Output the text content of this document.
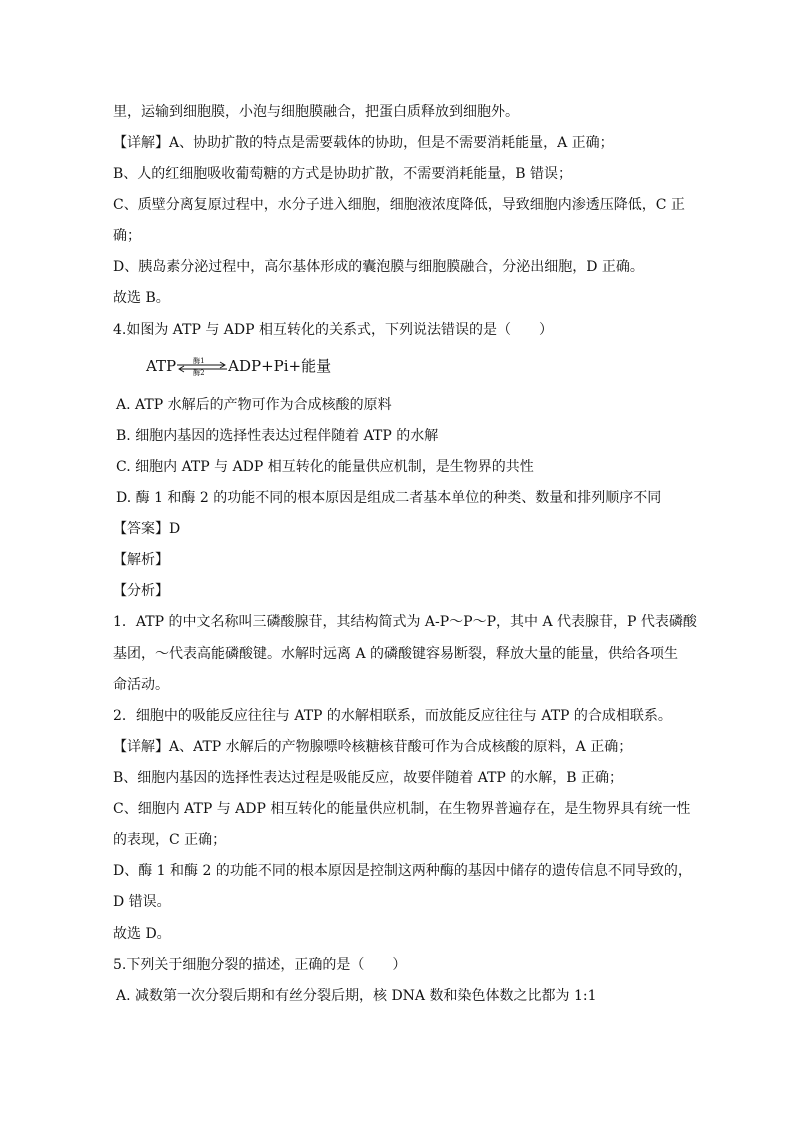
里，运输到细胞膜，小泡与细胞膜融合，把蛋白质释放到细胞外。
【详解】A、协助扩散的特点是需要载体的协助，但是不需要消耗能量，A 正确；
B、人的红细胞吸收葡萄糖的方式是协助扩散，不需要消耗能量，B 错误；
C、质壁分离复原过程中，水分子进入细胞，细胞液浓度降低，导致细胞内渗透压降低，C 正
确；
D、胰岛素分泌过程中，高尔基体形成的囊泡膜与细胞膜融合，分泌出细胞，D 正确。
故选 B。
4.如图为 ATP 与 ADP 相互转化的关系式，下列说法错误的是（　　）
ATP 酶1
酶2 ADP+Pi+能量
A. ATP 水解后的产物可作为合成核酸的原料
B. 细胞内基因的选择性表达过程伴随着 ATP 的水解
C. 细胞内 ATP 与 ADP 相互转化的能量供应机制，是生物界的共性
D. 酶 1 和酶 2 的功能不同的根本原因是组成二者基本单位的种类、数量和排列顺序不同
【答案】D
【解析】
【分析】
1．ATP 的中文名称叫三磷酸腺苷，其结构简式为 A-P～P～P，其中 A 代表腺苷，P 代表磷酸
基团，～代表高能磷酸键。水解时远离 A 的磷酸键容易断裂，释放大量的能量，供给各项生
命活动。
2．细胞中的吸能反应往往与 ATP 的水解相联系，而放能反应往往与 ATP 的合成相联系。
【详解】A、ATP 水解后的产物腺嘌呤核糖核苷酸可作为合成核酸的原料，A 正确；
B、细胞内基因的选择性表达过程是吸能反应，故要伴随着 ATP 的水解，B 正确；
C、细胞内 ATP 与 ADP 相互转化的能量供应机制，在生物界普遍存在，是生物界具有统一性
的表现，C 正确；
D、酶 1 和酶 2 的功能不同的根本原因是控制这两种酶的基因中储存的遗传信息不同导致的，
D 错误。
故选 D。
5.下列关于细胞分裂的描述，正确的是（　　）
A. 减数第一次分裂后期和有丝分裂后期，核 DNA 数和染色体数之比都为 1:1
